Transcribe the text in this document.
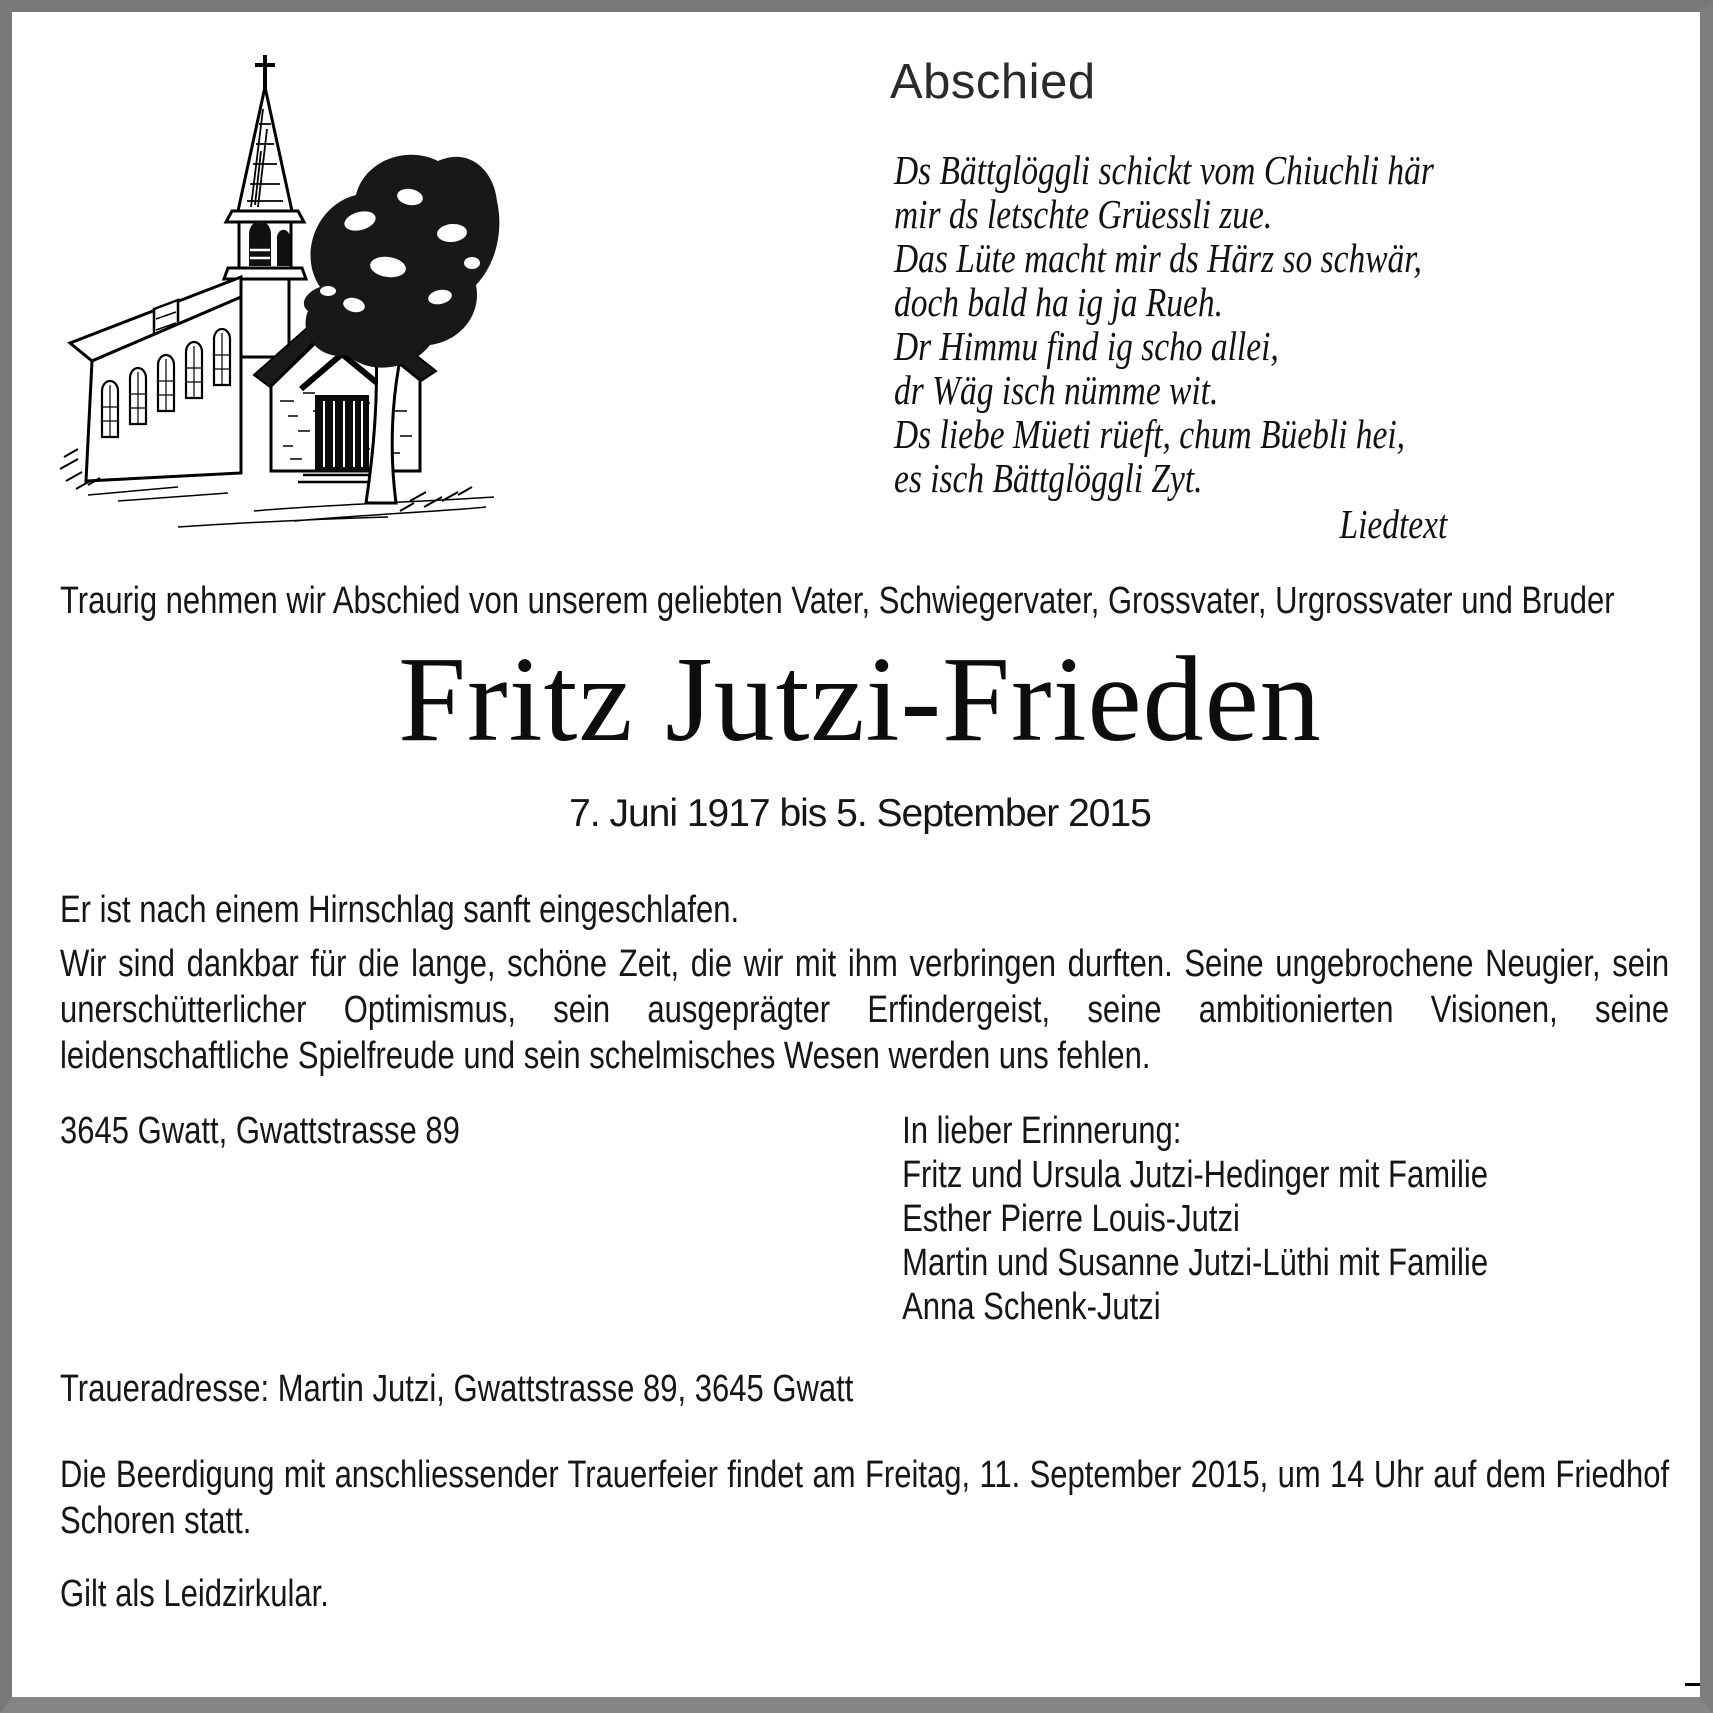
Abschied
Ds Bättglöggli schickt vom Chiuchli här
mir ds letschte Grüessli zue.
Das Lüte macht mir ds Härz so schwär,
doch bald ha ig ja Rueh.
Dr Himmu find ig scho allei,
dr Wäg isch nümme wit.
Ds liebe Müeti rüeft, chum Büebli hei,
es isch Bättglöggli Zyt.
Liedtext

Traurig nehmen wir Abschied von unserem geliebten Vater, Schwiegervater, Grossvater, Urgrossvater und Bruder

Fritz Jutzi-Frieden
7. Juni 1917 bis 5. September 2015

Er ist nach einem Hirnschlag sanft eingeschlafen.

Wir sind dankbar für die lange, schöne Zeit, die wir mit ihm verbringen durften. Seine ungebrochene Neugier, sein unerschütterlicher Optimismus, sein ausgeprägter Erfindergeist, seine ambitionierten Visionen, seine leidenschaftliche Spielfreude und sein schelmisches Wesen werden uns fehlen.

3645 Gwatt, Gwattstrasse 89	In lieber Erinnerung:
Fritz und Ursula Jutzi-Hedinger mit Familie
Esther Pierre Louis-Jutzi
Martin und Susanne Jutzi-Lüthi mit Familie
Anna Schenk-Jutzi
Traueradresse: Martin Jutzi, Gwattstrasse 89, 3645 Gwatt

Die Beerdigung mit anschliessender Trauerfeier findet am Freitag, 11. September 2015, um 14 Uhr auf dem Friedhof Schoren statt.

Gilt als Leidzirkular.
